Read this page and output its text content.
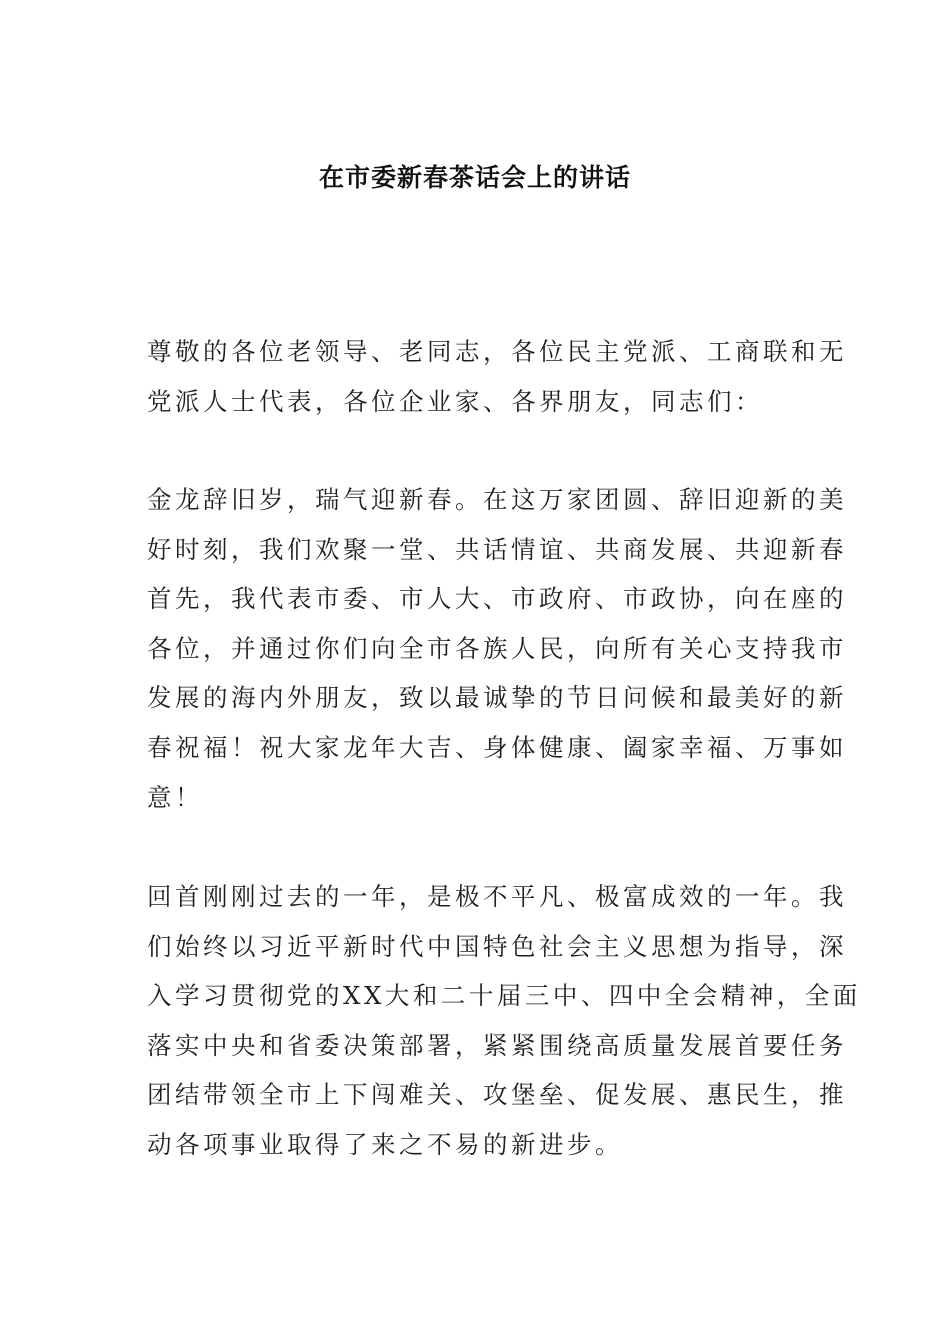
在市委新春茶话会上的讲话

尊敬的各位老领导、老同志，各位民主党派、工商联和无
党派人士代表，各位企业家、各界朋友，同志们：

金龙辞旧岁，瑞气迎新春。在这万家团圆、辞旧迎新的美
好时刻，我们欢聚一堂、共话情谊、共商发展、共迎新春
首先，我代表市委、市人大、市政府、市政协，向在座的
各位，并通过你们向全市各族人民，向所有关心支持我市
发展的海内外朋友，致以最诚挚的节日问候和最美好的新
春祝福！祝大家龙年大吉、身体健康、阖家幸福、万事如
意！

回首刚刚过去的一年，是极不平凡、极富成效的一年。我
们始终以习近平新时代中国特色社会主义思想为指导，深
入学习贯彻党的XX大和二十届三中、四中全会精神，全面
落实中央和省委决策部署，紧紧围绕高质量发展首要任务
团结带领全市上下闯难关、攻堡垒、促发展、惠民生，推
动各项事业取得了来之不易的新进步。
